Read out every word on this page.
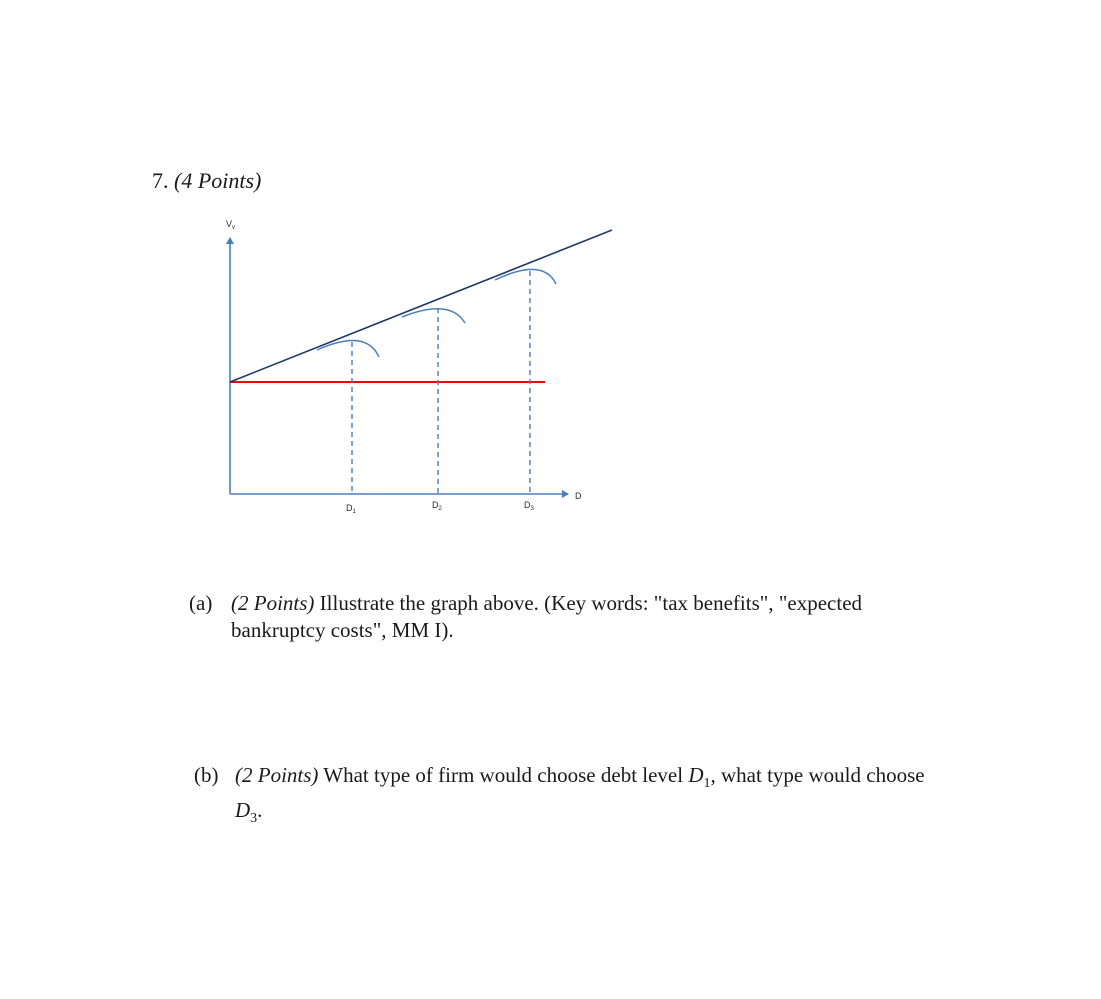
7. (4 Points)
$V_v$
D
$D_1$
$D_2$	$D_3$
(a) (2 Points) Illustrate the graph above. (Key words: "tax benefits", "expected bankruptcy costs", MM I).
(b) (2 Points) What type of firm would choose debt level $D_1$, what type would choose $D_3$.
